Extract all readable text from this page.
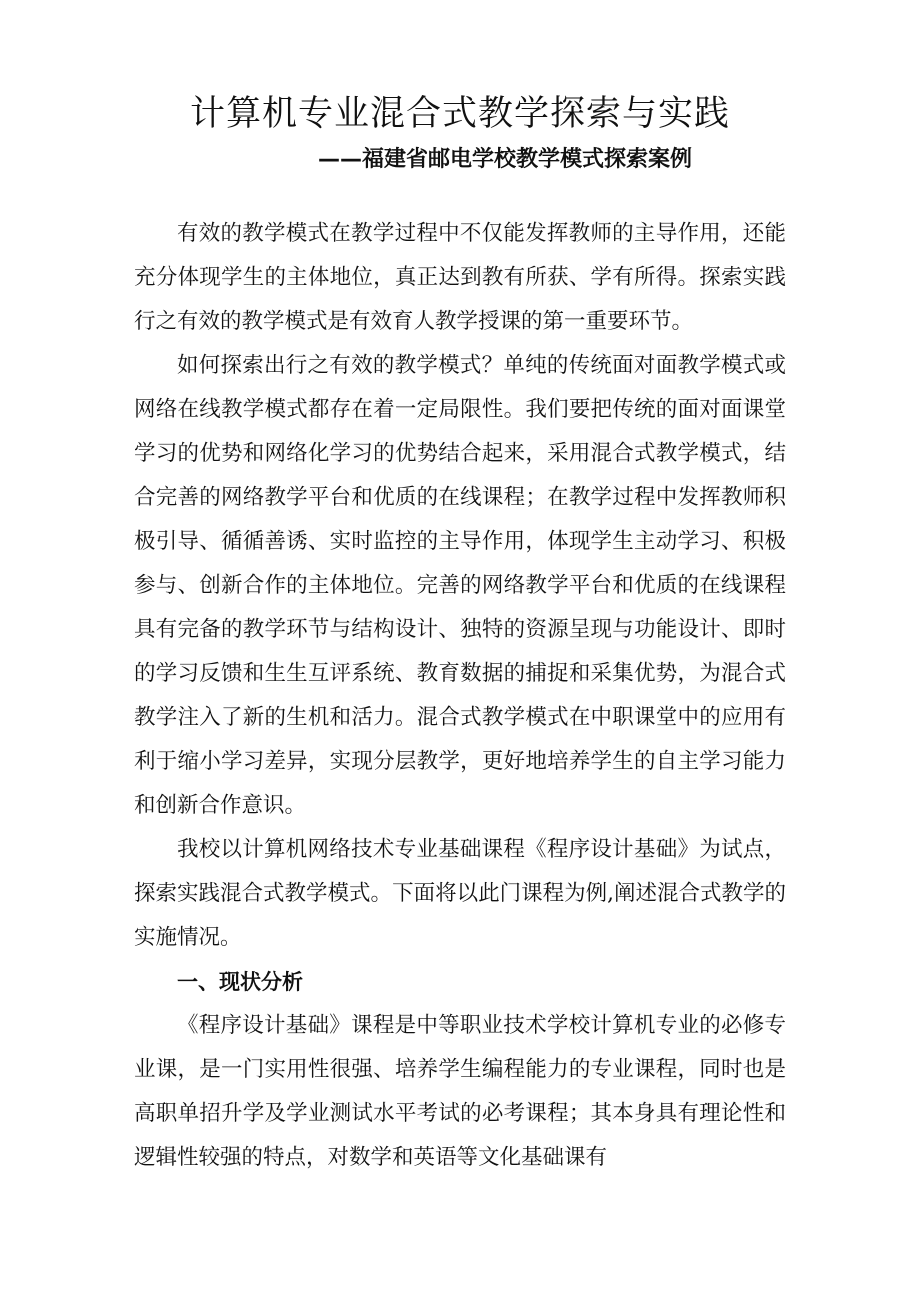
计算机专业混合式教学探索与实践
——福建省邮电学校教学模式探索案例

有效的教学模式在教学过程中不仅能发挥教师的主导作用，还能充分体现学生的主体地位，真正达到教有所获、学有所得。探索实践行之有效的教学模式是有效育人教学授课的第一重要环节。

如何探索出行之有效的教学模式？单纯的传统面对面教学模式或网络在线教学模式都存在着一定局限性。我们要把传统的面对面课堂学习的优势和网络化学习的优势结合起来，采用混合式教学模式，结合完善的网络教学平台和优质的在线课程；在教学过程中发挥教师积极引导、循循善诱、实时监控的主导作用，体现学生主动学习、积极参与、创新合作的主体地位。完善的网络教学平台和优质的在线课程具有完备的教学环节与结构设计、独特的资源呈现与功能设计、即时的学习反馈和生生互评系统、教育数据的捕捉和采集优势，为混合式教学注入了新的生机和活力。混合式教学模式在中职课堂中的应用有利于缩小学习差异，实现分层教学，更好地培养学生的自主学习能力和创新合作意识。

我校以计算机网络技术专业基础课程《程序设计基础》为试点，探索实践混合式教学模式。下面将以此门课程为例,阐述混合式教学的实施情况。

一、现状分析

《程序设计基础》课程是中等职业技术学校计算机专业的必修专业课，是一门实用性很强、培养学生编程能力的专业课程，同时也是高职单招升学及学业测试水平考试的必考课程；其本身具有理论性和逻辑性较强的特点，对数学和英语等文化基础课有
